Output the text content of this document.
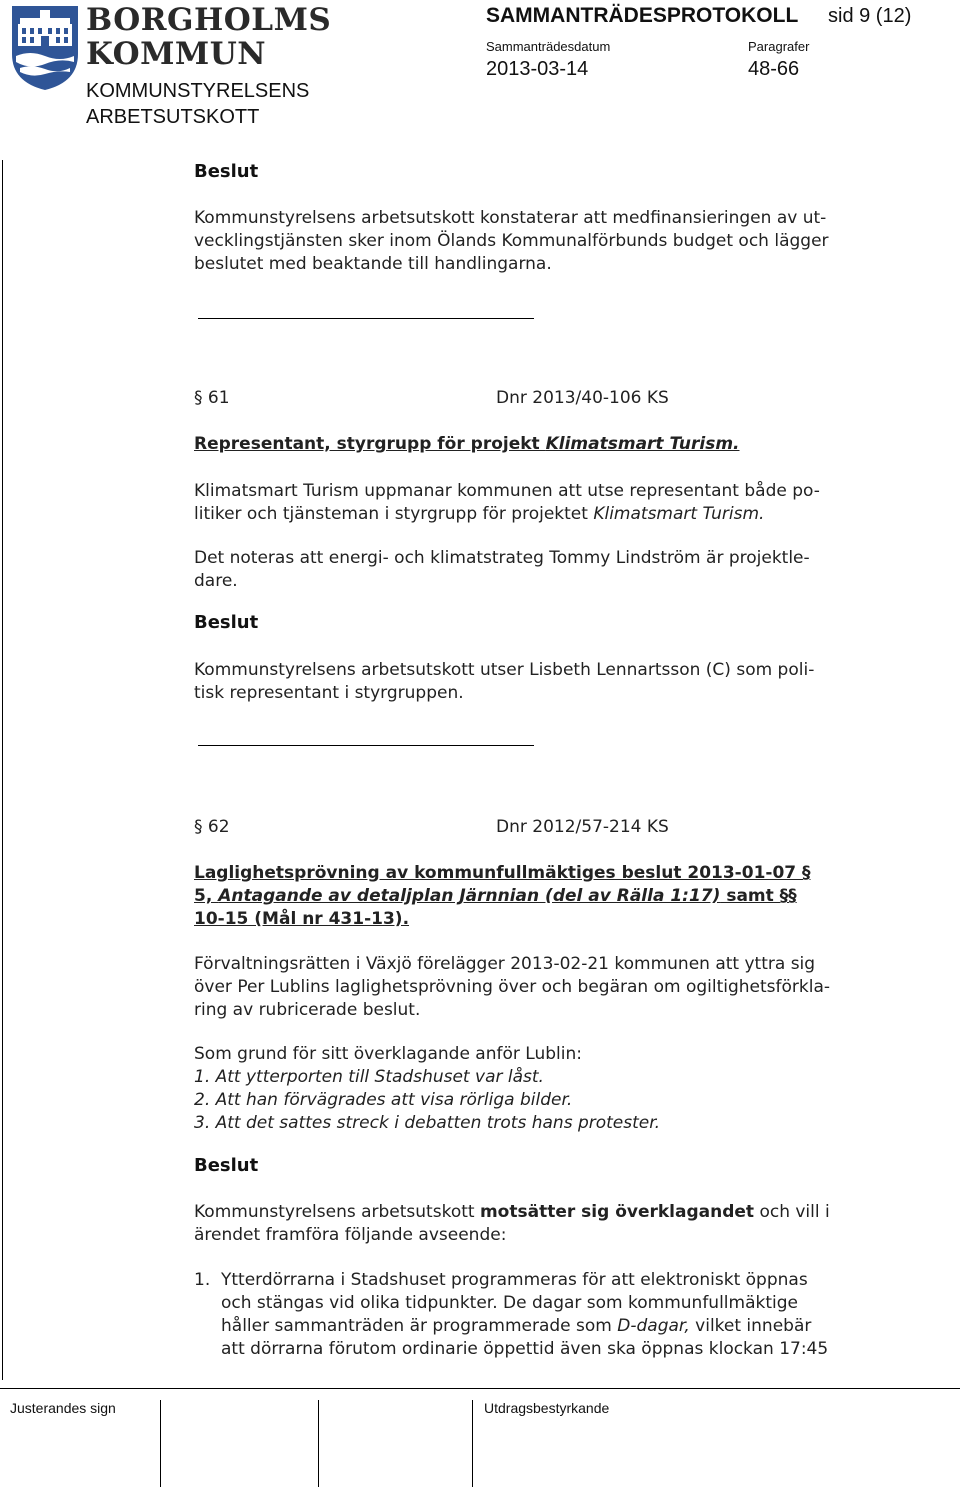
BORGHOLMS
KOMMUN
KOMMUNSTYRELSENS
ARBETSUTSKOTT
SAMMANTRÄDESPROTOKOLL sid 9 (12)
Sammanträdesdatum	Paragrafer
2013-03-14	48-66
Beslut
Kommunstyrelsens arbetsutskott konstaterar att medfinansieringen av ut-
vecklingstjänsten sker inom Ölands Kommunalförbunds budget och lägger
beslutet med beaktande till handlingarna.
§ 61	Dnr 2013/40-106 KS
Representant, styrgrupp för projekt Klimatsmart Turism.
Klimatsmart Turism uppmanar kommunen att utse representant både po-
litiker och tjänsteman i styrgrupp för projektet Klimatsmart Turism.
Det noteras att energi- och klimatstrateg Tommy Lindström är projektle-
dare.
Beslut
Kommunstyrelsens arbetsutskott utser Lisbeth Lennartsson (C) som poli-
tisk representant i styrgruppen.
§ 62	Dnr 2012/57-214 KS
Laglighetsprövning av kommunfullmäktiges beslut 2013-01-07 §
5, Antagande av detaljplan Järnnian (del av Rälla 1:17) samt §§
10-15 (Mål nr 431-13).
Förvaltningsrätten i Växjö förelägger 2013-02-21 kommunen att yttra sig
över Per Lublins laglighetsprövning över och begäran om ogiltighetsförkla-
ring av rubricerade beslut.
Som grund för sitt överklagande anför Lublin:
1. Att ytterporten till Stadshuset var låst.
2. Att han förvägrades att visa rörliga bilder.
3. Att det sattes streck i debatten trots hans protester.
Beslut
Kommunstyrelsens arbetsutskott motsätter sig överklagandet och vill i
ärendet framföra följande avseende:
1. Ytterdörrarna i Stadshuset programmeras för att elektroniskt öppnas
och stängas vid olika tidpunkter. De dagar som kommunfullmäktige
håller sammanträden är programmerade som D-dagar, vilket innebär
att dörrarna förutom ordinarie öppettid även ska öppnas klockan 17:45
Justerandes sign	Utdragsbestyrkande
